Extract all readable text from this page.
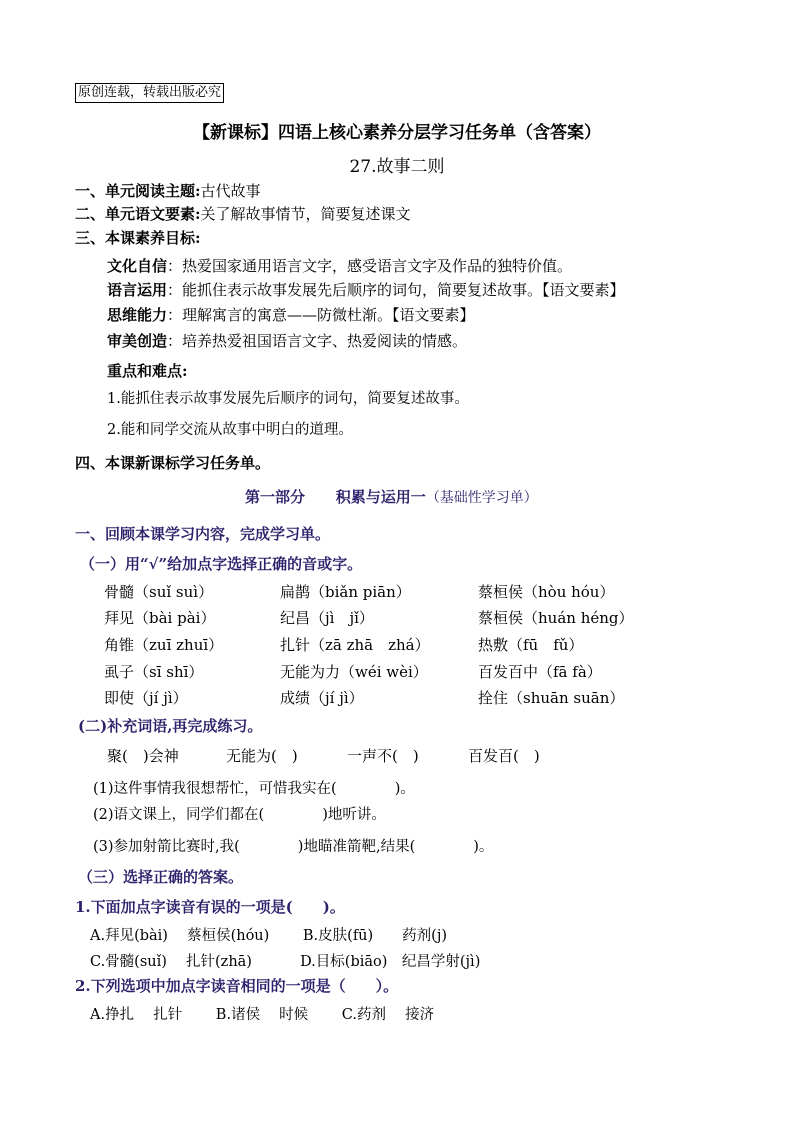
原创连载，转载出版必究
【新课标】四语上核心素养分层学习任务单（含答案）
27.故事二则
一、单元阅读主题:古代故事
二、单元语文要素:关了解故事情节，简要复述课文
三、本课素养目标:
文化自信：热爱国家通用语言文字，感受语言文字及作品的独特价值。
语言运用：能抓住表示故事发展先后顺序的词句，简要复述故事。【语文要素】
思维能力：理解寓言的寓意——防微杜渐。【语文要素】
审美创造：培养热爱祖国语言文字、热爱阅读的情感。
重点和难点:
1.能抓住表示故事发展先后顺序的词句，简要复述故事。
2.能和同学交流从故事中明白的道理。
四、本课新课标学习任务单。
第一部分 积累与运用一（基础性学习单）
一、回顾本课学习内容，完成学习单。
（一）用“√”给加点字选择正确的音或字。
骨髓（suǐ suì）	扁鹊（biǎn piān）	蔡桓侯（hòu hóu）
拜见（bài pài）	纪昌（jì　jǐ）	蔡桓侯（huán héng）
角锥（zuī zhuī）	扎针（zā zhā　zhá）	热敷（fū　fǔ）
虱子（sī shī）	无能为力（wéi wèi）	百发百中（fā fà）
即使（jí jì）	成绩（jí jì）	拴住（shuān suān）
(二)补充词语,再完成练习。
聚(　)会神	无能为(　)	一声不(　)	百发百(　)
(1)这件事情我很想帮忙，可惜我实在(　　　　)。
(2)语文课上，同学们都在(　　　　)地听讲。
(3)参加射箭比赛时,我(　　　　)地瞄准箭靶,结果(　　　　)。
（三）选择正确的答案。
1.下面加点字读音有误的一项是(　　)。
A.拜见(bài)　 蔡桓侯(hóu)　　 B.皮肤(fū)　　药剂(j)
C.骨髓(suǐ)　 扎针(zhā)　　　 D.目标(biāo)　纪昌学射(jì)
2.下列选项中加点字读音相同的一项是（　　）。
A.挣扎　 扎针　　 B.诸侯　 时候　　 C.药剂　 接济
